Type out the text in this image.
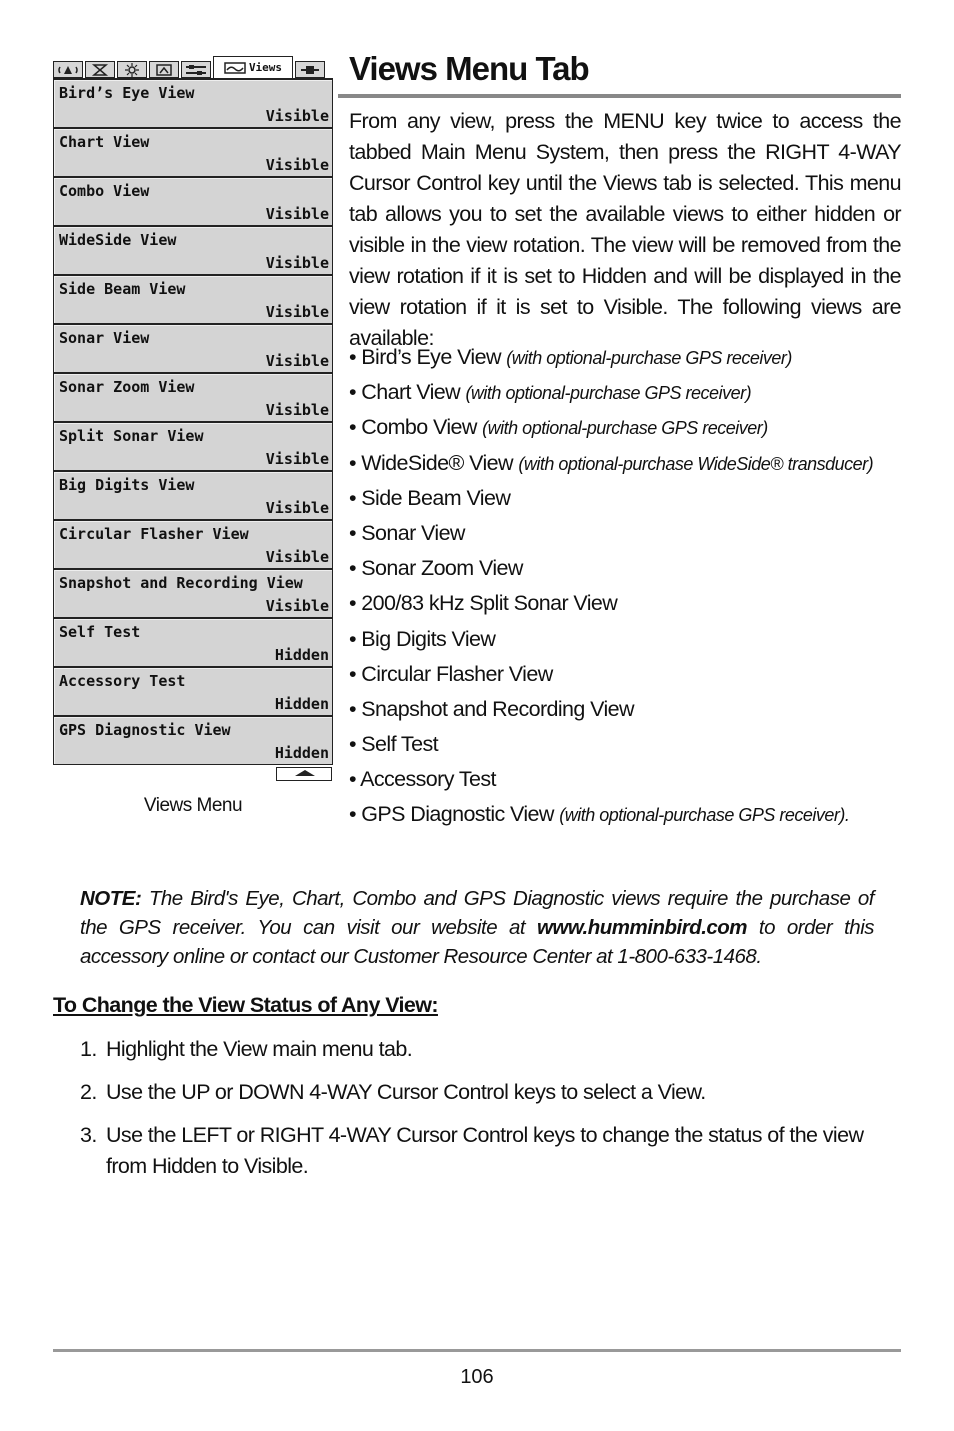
Views
Bird’s Eye View
Visible
Chart View
Visible
Combo View
Visible
WideSide View
Visible
Side Beam View
Visible
Sonar View
Visible
Sonar Zoom View
Visible
Split Sonar View
Visible
Big Digits View
Visible
Circular Flasher View
Visible
Snapshot and Recording View
Visible
Self Test
Hidden
Accessory Test
Hidden
GPS Diagnostic View
Hidden
Views Menu
Views Menu Tab
From any view, press the MENU key twice to access the tabbed Main Menu System, then press the RIGHT 4-WAY Cursor Control key until the Views tab is selected. This menu tab allows you to set the available views to either hidden or visible in the view rotation. The view will be removed from the view rotation if it is set to Hidden and will be displayed in the view rotation if it is set to Visible. The following views are available:
• Bird’s Eye View (with optional-purchase GPS receiver)
• Chart View (with optional-purchase GPS receiver)
• Combo View (with optional-purchase GPS receiver)
• WideSide® View (with optional-purchase WideSide® transducer)
• Side Beam View
• Sonar View
• Sonar Zoom View
• 200/83 kHz Split Sonar View
• Big Digits View
• Circular Flasher View
• Snapshot and Recording View
• Self Test
• Accessory Test
• GPS Diagnostic View (with optional-purchase GPS receiver).
NOTE: The Bird's Eye, Chart, Combo and GPS Diagnostic views require the purchase of the GPS receiver. You can visit our website at www.humminbird.com to order this accessory online or contact our Customer Resource Center at 1-800-633-1468.
To Change the View Status of Any View:
1. Highlight the View main menu tab.
2. Use the UP or DOWN 4-WAY Cursor Control keys to select a View.
3. Use the LEFT or RIGHT 4-WAY Cursor Control keys to change the status of the view from Hidden to Visible.
106
